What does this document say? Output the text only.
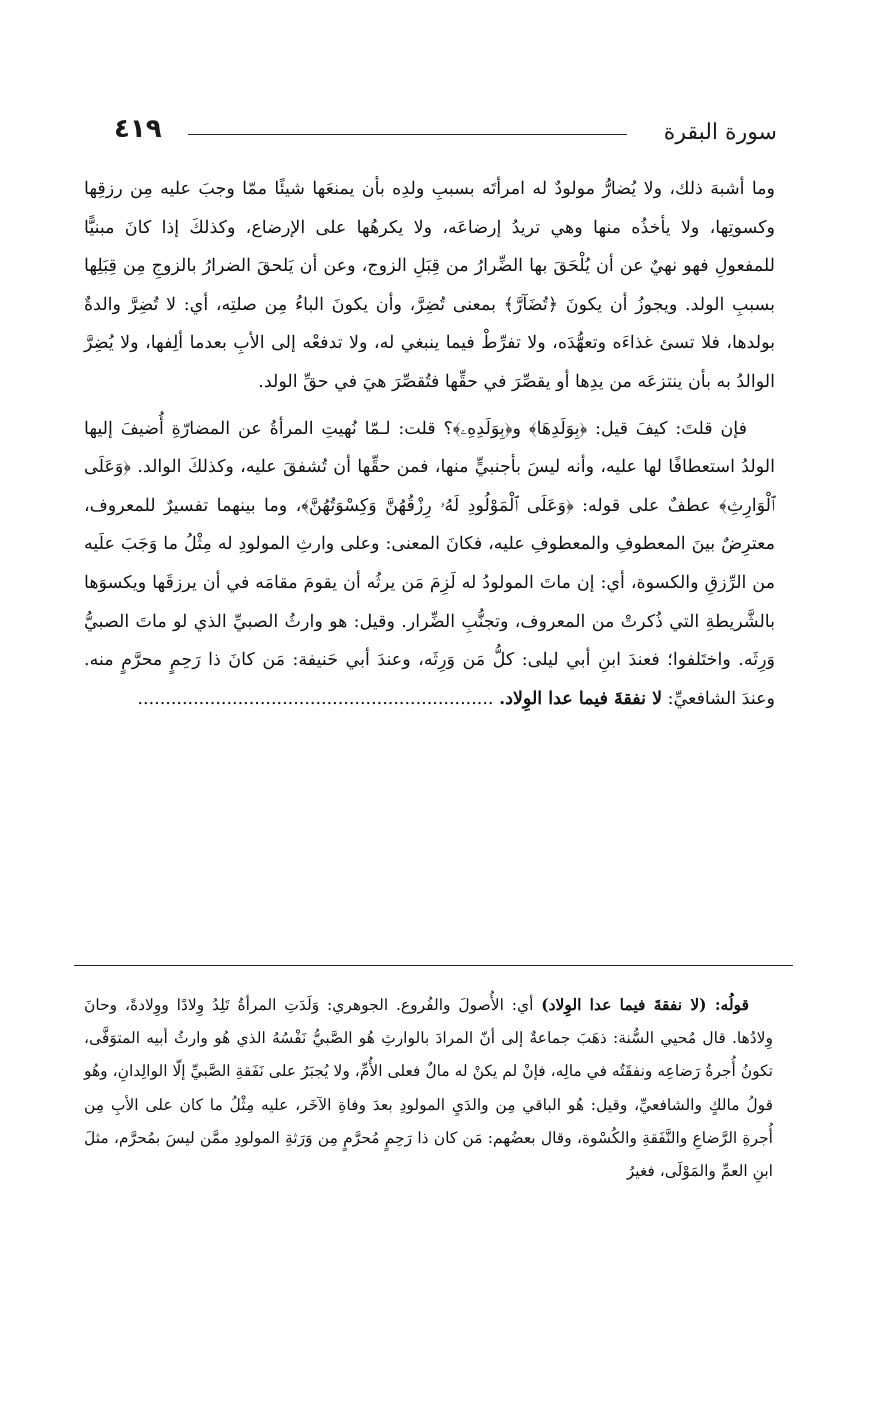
٤١٩	سورة البقرة

وما أشبهَ ذلك، ولا يُضارُّ مولودٌ له امرأتَه بسببِ ولدِه بأن يمنعَها شيئًا ممّا وجبَ عليه مِن رزقِها وكسوتِها، ولا يأخذُه منها وهي تريدُ إرضاعَه، ولا يكرهُها على الإرضاع، وكذلكَ إذا كانَ مبنيًّا للمفعولِ فهو نهيٌ عن أن يُلْحَقَ بها الضِّرارُ من قِبَلِ الزوج، وعن أن يَلحقَ الضرارُ بالزوجِ مِن قِبَلِها بسببِ الولد. ويجوزُ أن يكونَ ﴿تُضَآرَّ﴾ بمعنى تُضِرَّ، وأن يكونَ الباءُ مِن صلتِه، أي: لا تُضِرَّ والدةٌ بولدها، فلا تسئ غذاءَه وتعهُّدَه، ولا تفرِّطْ فيما ينبغي له، ولا تدفعْه إلى الأبِ بعدما ألِفها، ولا يُضِرَّ الوالدُ به بأن ينتزعَه من يدِها أو يقصِّرَ في حقِّها فتُقصِّرَ هيَ في حقِّ الولد.

فإن قلتَ: كيفَ قيل: ﴿بِوَلَدِهَا﴾ و﴿بِوَلَدِهِۦ﴾؟ قلت: لـمّا نُهيتِ المرأةُ عن المضارّةِ أُضيفَ إليها الولدُ استعطافًا لها عليه، وأنه ليسَ بأجنبيٍّ منها، فمن حقِّها أن تُشفقَ عليه، وكذلكَ الوالد. ﴿وَعَلَى ٱلْوَارِثِ﴾ عطفٌ على قوله: ﴿وَعَلَى ٱلْمَوْلُودِ لَهُۥ رِزْقُهُنَّ وَكِسْوَتُهُنَّ﴾، وما بينهما تفسيرٌ للمعروف، معترِضٌ بينَ المعطوفِ والمعطوفِ عليه، فكانَ المعنى: وعلى وارثِ المولودِ له مِثْلُ ما وَجَبَ علَيه من الرِّزقِ والكسوة، أي: إن ماتَ المولودُ له لَزِمَ مَن يرثُه أن يقومَ مقامَه في أن يرزقَها ويكسوَها بالشَّريطةِ التي ذُكرتْ من المعروف، وتجنُّبِ الضِّرار. وقيل: هو وارثُ الصبيِّ الذي لو ماتَ الصبيُّ وَرِثَه. واختَلفوا؛ فعندَ ابنِ أبي ليلى: كلُّ مَن وَرِثَه، وعندَ أبي حَنيفة: مَن كانَ ذا رَحِمٍ محرَّمٍ منه. وعندَ الشافعيِّ: لا نفقةَ فيما عدا الوِلاد. ................................................................

قولُه: (لا نفقةَ فيما عدا الوِلاد) أي: الأُصولَ والفُروع. الجوهري: وَلَدَتِ المرأةُ تَلِدُ وِلادًا ووِلادةً، وحانَ وِلادُها. قال مُحيي السُّنة: ذهَبَ جماعةٌ إلى أنّ المرادَ بالوارثِ هُو الصَّبيُّ نَفْسُهُ الذي هُو وارثُ أبيه المتوَفَّى، تكونُ أُجرةُ رَضاعِه ونفقَتُه في مالِه، فإنْ لم يكنْ له مالٌ فعلى الأُمِّ، ولا يُجبَرُ على نَفَقةِ الصَّبيِّ إلّا الوالِدانِ، وهُو قولُ مالكٍ والشافعيِّ، وقيل: هُو الباقي مِن والدَيِ المولودِ بعدَ وفاةِ الآخَر، عليه مِثْلُ ما كان على الأبِ مِن أُجرةِ الرَّضاعِ والنَّفَقةِ والكُسْوة، وقال بعضُهم: مَن كان ذا رَحِمٍ مُحرَّمٍ مِن وَرَثةِ المولودِ ممَّن ليسَ بمُحرَّم، مثلَ ابنِ العمِّ والمَوْلَى، فغيرُ
